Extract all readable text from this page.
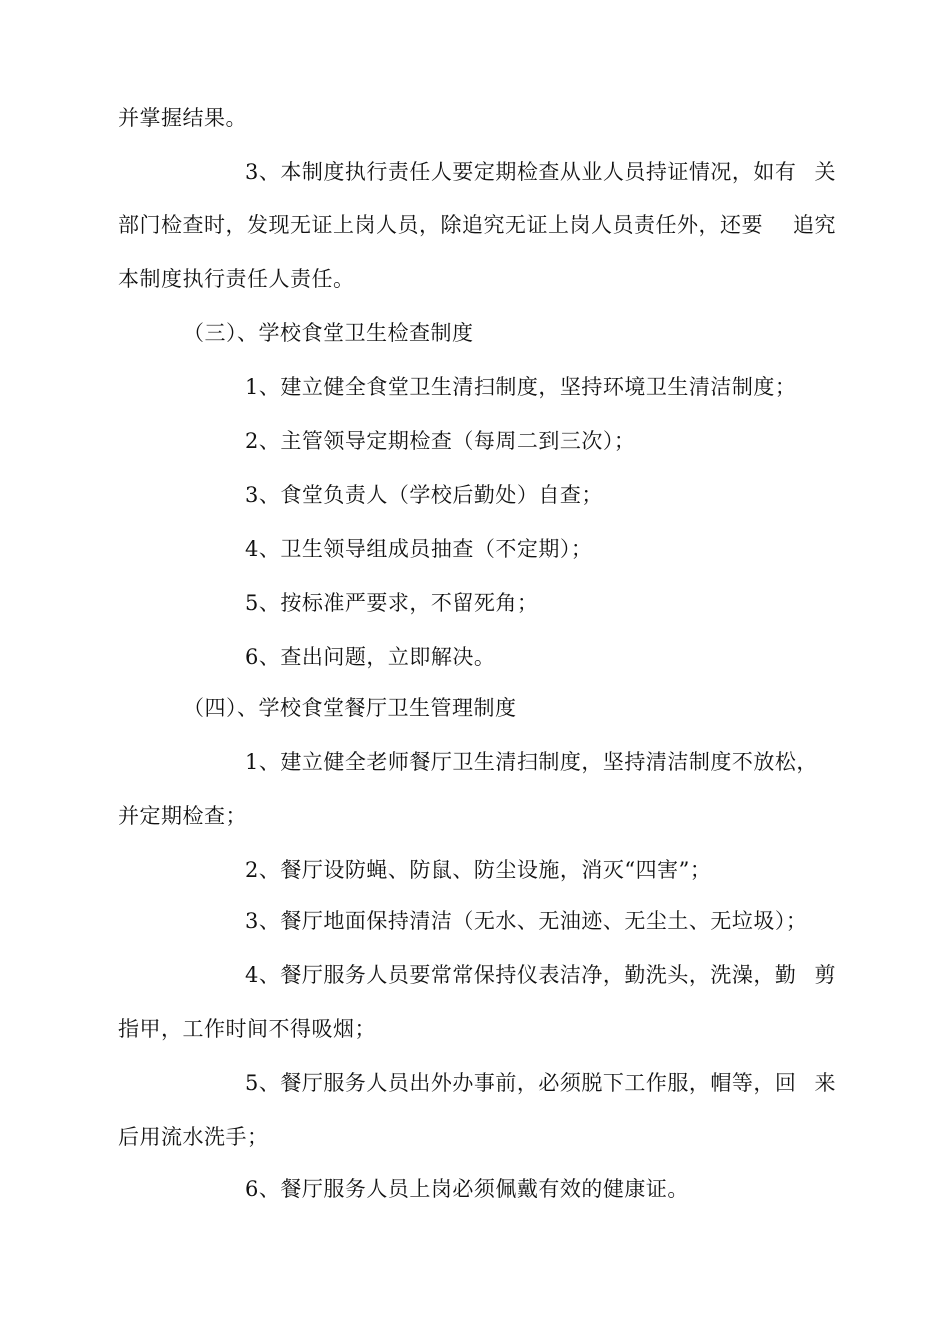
并掌握结果。
3、本制度执行责任人要定期检查从业人员持证情况，如有 关
部门检查时，发现无证上岗人员，除追究无证上岗人员责任外，还要 追究
本制度执行责任人责任。
（三）、学校食堂卫生检查制度
1、建立健全食堂卫生清扫制度，坚持环境卫生清洁制度；
2、主管领导定期检查（每周二到三次）；
3、食堂负责人（学校后勤处）自查；
4、卫生领导组成员抽查（不定期）；
5、按标准严要求，不留死角；
6、查出问题，立即解决。
（四）、学校食堂餐厅卫生管理制度
1、建立健全老师餐厅卫生清扫制度，坚持清洁制度不放松，
并定期检查；
2、餐厅设防蝇、防鼠、防尘设施，消灭“四害”；
3、餐厅地面保持清洁（无水、无油迹、无尘土、无垃圾）；
4、餐厅服务人员要常常保持仪表洁净，勤洗头，洗澡，勤 剪
指甲，工作时间不得吸烟；
5、餐厅服务人员出外办事前，必须脱下工作服，帽等，回 来
后用流水洗手；
6、餐厅服务人员上岗必须佩戴有效的健康证。
